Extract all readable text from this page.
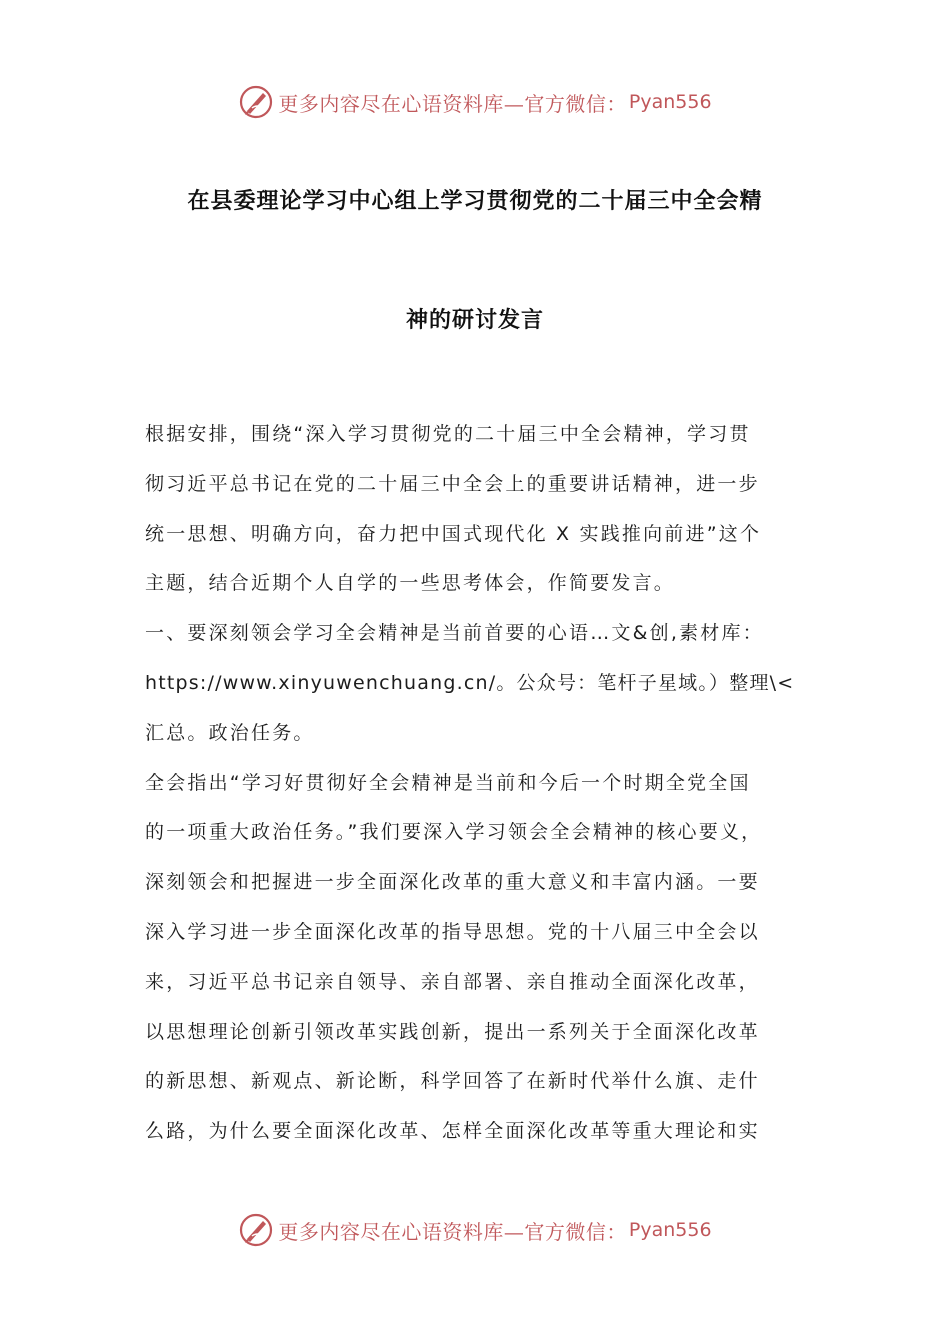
更多内容尽在心语资料库—官方微信： Pyan556
在县委理论学习中心组上学习贯彻党的二十届三中全会精
神的研讨发言
根据安排，围绕“深入学习贯彻党的二十届三中全会精神，学习贯
彻习近平总书记在党的二十届三中全会上的重要讲话精神，进一步
统一思想、明确方向，奋力把中国式现代化 X 实践推向前进”这个
主题，结合近期个人自学的一些思考体会，作简要发言。
一、要深刻领会学习全会精神是当前首要的心语…文&创,素材库：
https://www.xinyuwenchuang.cn/。公众号：笔杆子星域。）整理\<
汇总。政治任务。
全会指出“学习好贯彻好全会精神是当前和今后一个时期全党全国
的一项重大政治任务。”我们要深入学习领会全会精神的核心要义，
深刻领会和把握进一步全面深化改革的重大意义和丰富内涵。一要
深入学习进一步全面深化改革的指导思想。党的十八届三中全会以
来，习近平总书记亲自领导、亲自部署、亲自推动全面深化改革，
以思想理论创新引领改革实践创新，提出一系列关于全面深化改革
的新思想、新观点、新论断，科学回答了在新时代举什么旗、走什
么路，为什么要全面深化改革、怎样全面深化改革等重大理论和实
更多内容尽在心语资料库—官方微信： Pyan556
